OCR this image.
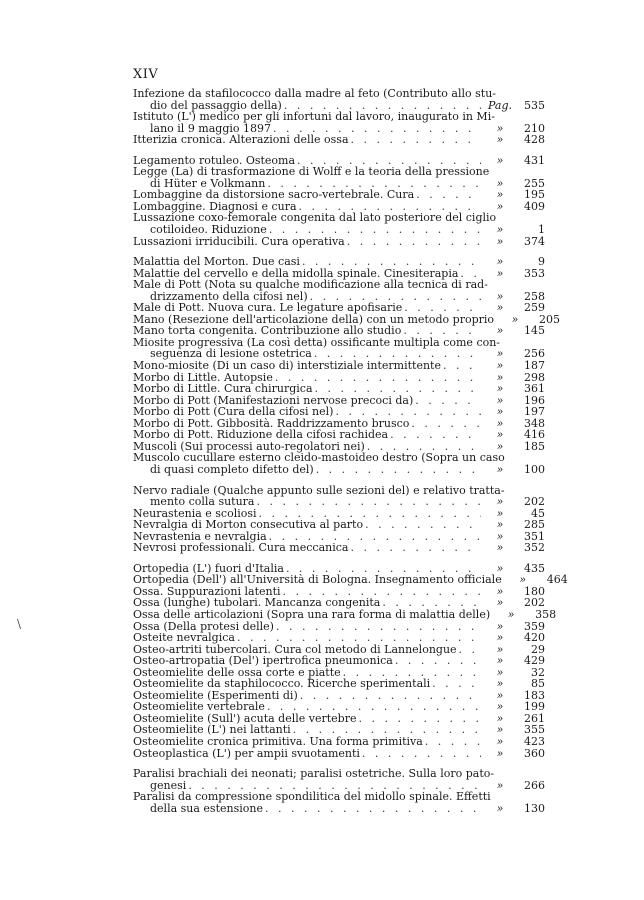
XIV
\
Infezione da stafilococco dalla madre al feto (Contributo allo stu-
dio del passaggio della) . . .	Pag.	535
Istituto (L') medico per gli infortuni dal lavoro, inaugurato in Mi-
lano il 9 maggio 1897 . . .	»	210
Itterizia cronica. Alterazioni delle ossa . . .	»	428
Legamento rotuleo. Osteoma . . .	»	431
Legge (La) di trasformazione di Wolff e la teoria della pressione
di Hüter e Volkmann . . .	»	255
Lombaggine da distorsione sacro-vertebrale. Cura . . .	»	195
Lombaggine. Diagnosi e cura . . .	»	409
Lussazione coxo-femorale congenita dal lato posteriore del ciglio
cotiloideo. Riduzione . . .	»	1
Lussazioni irriducibili. Cura operativa . . .	»	374
Malattia del Morton. Due casi . . .	»	9
Malattie del cervello e della midolla spinale. Cinesiterapia . . .	»	353
Male di Pott (Nota su qualche modificazione alla tecnica di rad-
drizzamento della cifosi nel) . . .	»	258
Male di Pott. Nuova cura. Le legature apofisarie . . .	»	259
Mano (Resezione dell'articolazione della) con un metodo proprio	»	205
Mano torta congenita. Contribuzione allo studio . . .	»	145
Miosite progressiva (La così detta) ossificante multipla come con-
seguenza di lesione ostetrica . . .	»	256
Mono-miosite (Di un caso di) interstiziale intermittente . . .	»	187
Morbo di Little. Autopsie . . .	»	298
Morbo di Little. Cura chirurgica . . .	»	361
Morbo di Pott (Manifestazioni nervose precoci da) . . .	»	196
Morbo di Pott (Cura della cifosi nel) . . .	»	197
Morbo di Pott. Gibbosità. Raddrizzamento brusco . . .	»	348
Morbo di Pott. Riduzione della cifosi rachidea . . .	»	416
Muscoli (Sui processi auto-regolatori nei) . . .	»	185
Muscolo cucullare esterno cleido-mastoideo destro (Sopra un caso
di quasi completo difetto del) . . .	»	100
Nervo radiale (Qualche appunto sulle sezioni del) e relativo tratta-
mento colla sutura . . .	»	202
Neurastenia e scoliosi . . .	»	45
Nevralgia di Morton consecutiva al parto . . .	»	285
Nevrastenia e nevralgia . . .	»	351
Nevrosi professionali. Cura meccanica . . .	»	352
Ortopedia (L') fuori d'Italia . . .	»	435
Ortopedia (Dell') all'Università di Bologna. Insegnamento officiale	»	464
Ossa. Suppurazioni latenti . . .	»	180
Ossa (lunghe) tubolari. Mancanza congenita . . .	»	202
Ossa delle articolazioni (Sopra una rara forma di malattia delle)	»	358
Ossa (Della protesi delle) . . .	»	359
Osteite nevralgica . . .	»	420
Osteo-artriti tubercolari. Cura col metodo di Lannelongue . . .	»	29
Osteo-artropatia (Del') ipertrofica pneumonica . . .	»	429
Osteomielite delle ossa corte e piatte . . .	»	32
Osteomielite da staphilococco. Ricerche sperimentali . . .	»	85
Osteomielite (Esperimenti di) . . .	»	183
Osteomielite vertebrale . . .	»	199
Osteomielite (Sull') acuta delle vertebre . . .	»	261
Osteomielite (L') nei lattanti . . .	»	355
Osteomielite cronica primitiva. Una forma primitiva . . .	»	423
Osteoplastica (L') per ampii svuotamenti . . .	»	360
Paralisi brachiali dei neonati; paralisi ostetriche. Sulla loro pato-
genesi . . .	»	266
Paralisi da compressione spondilitica del midollo spinale. Effetti
della sua estensione . . .	»	130
